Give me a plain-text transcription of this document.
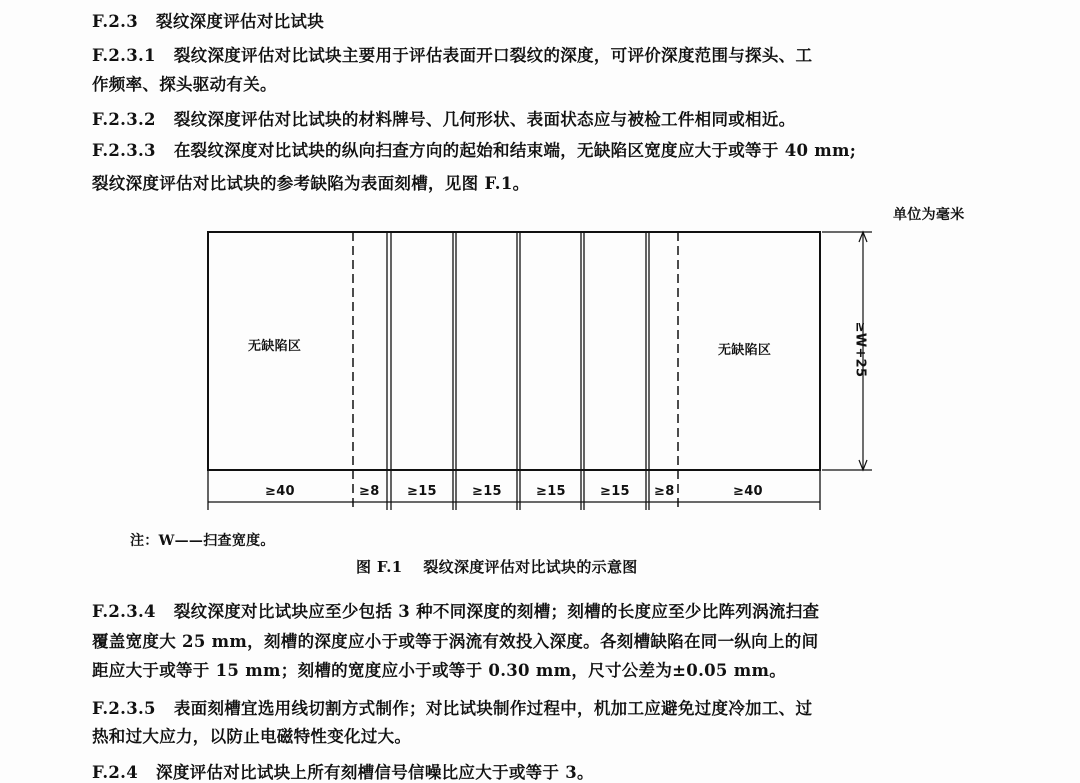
F.2.3 裂纹深度评估对比试块
F.2.3.1 裂纹深度评估对比试块主要用于评估表面开口裂纹的深度，可评价深度范围与探头、工
作频率、探头驱动有关。
F.2.3.2 裂纹深度评估对比试块的材料牌号、几何形状、表面状态应与被检工件相同或相近。
F.2.3.3 在裂纹深度对比试块的纵向扫查方向的起始和结束端，无缺陷区宽度应大于或等于 40 mm;
裂纹深度评估对比试块的参考缺陷为表面刻槽，见图 F.1。
单位为毫米
无缺陷区	无缺陷区	≥W+25
≥40	≥8 ≥15	≥15	≥15	≥15 ≥8	≥40
注：W——扫查宽度。
图 F.1　 裂纹深度评估对比试块的示意图
F.2.3.4 裂纹深度对比试块应至少包括 3 种不同深度的刻槽；刻槽的长度应至少比阵列涡流扫查
覆盖宽度大 25 mm，刻槽的深度应小于或等于涡流有效投入深度。各刻槽缺陷在同一纵向上的间
距应大于或等于 15 mm；刻槽的宽度应小于或等于 0.30 mm，尺寸公差为±0.05 mm。
F.2.3.5 表面刻槽宜选用线切割方式制作；对比试块制作过程中，机加工应避免过度冷加工、过
热和过大应力，以防止电磁特性变化过大。
F.2.4 深度评估对比试块上所有刻槽信号信噪比应大于或等于 3。
